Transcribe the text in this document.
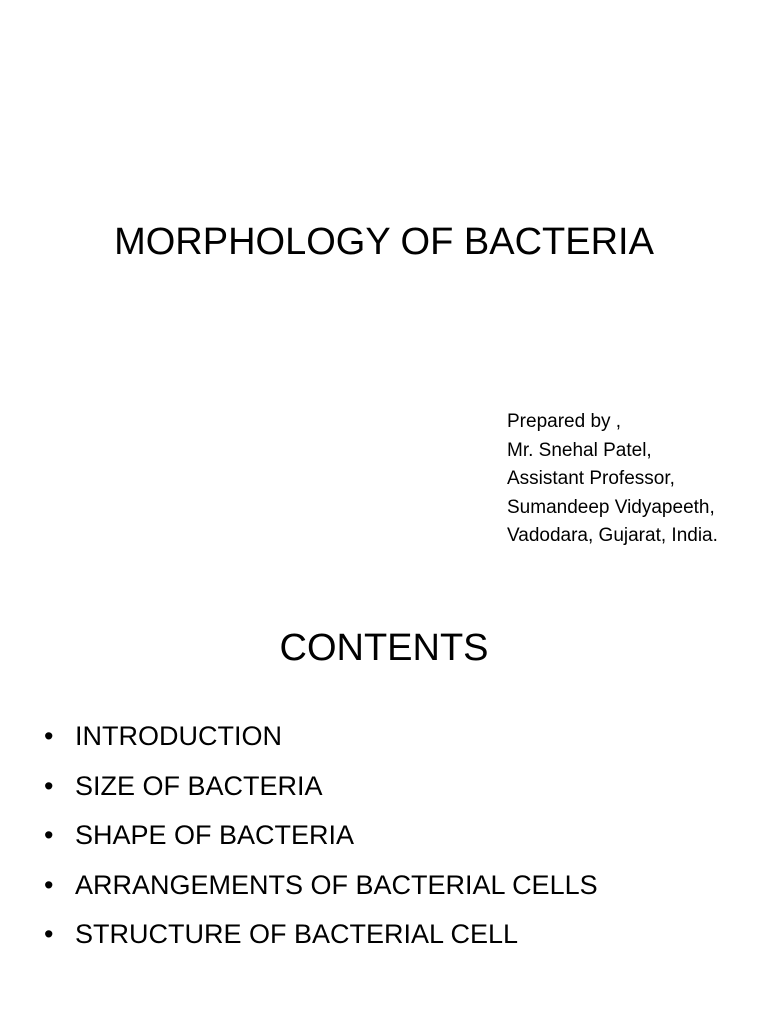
MORPHOLOGY OF BACTERIA
Prepared by ,
Mr. Snehal Patel,
Assistant Professor,
Sumandeep Vidyapeeth,
Vadodara, Gujarat, India.
CONTENTS
• INTRODUCTION
• SIZE OF BACTERIA
• SHAPE OF BACTERIA
• ARRANGEMENTS OF BACTERIAL CELLS
• STRUCTURE OF BACTERIAL CELL
